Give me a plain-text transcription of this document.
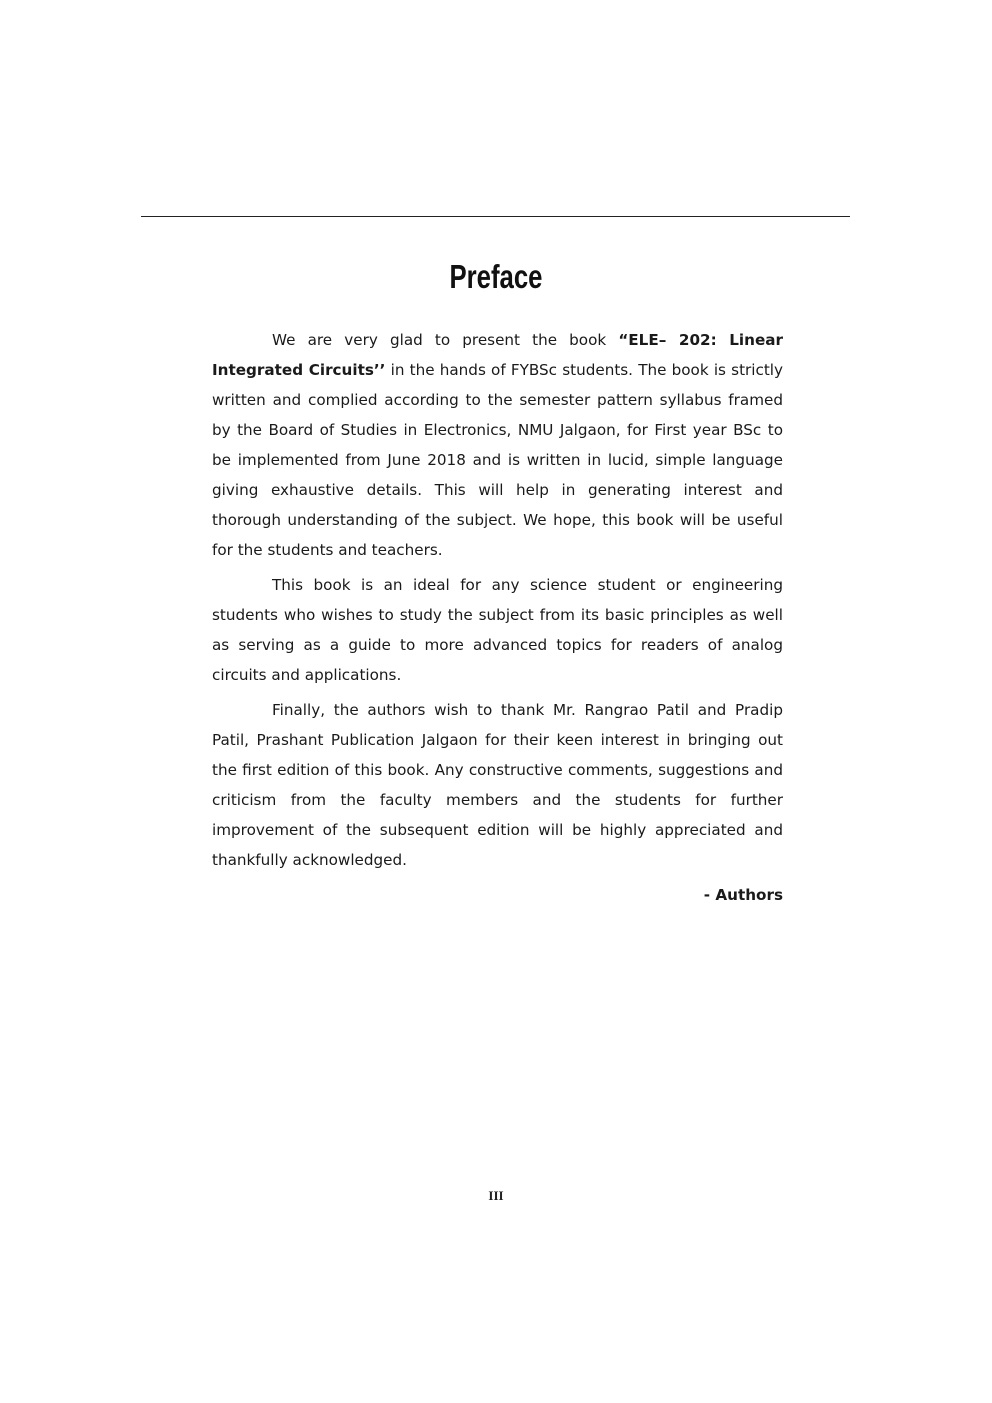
Preface

We are very glad to present the book “ELE– 202: Linear Integrated Circuits’’ in the hands of FYBSc students. The book is strictly written and complied according to the semester pattern syllabus framed by the Board of Studies in Electronics, NMU Jalgaon, for First year BSc to be implemented from June 2018 and is written in lucid, simple language giving exhaustive details. This will help in generating interest and thorough understanding of the subject. We hope, this book will be useful for the students and teachers.

This book is an ideal for any science student or engineering students who wishes to study the subject from its basic principles as well as serving as a guide to more advanced topics for readers of analog circuits and applications.

Finally, the authors wish to thank Mr. Rangrao Patil and Pradip Patil, Prashant Publication Jalgaon for their keen interest in bringing out the first edition of this book. Any constructive comments, suggestions and criticism from the faculty members and the students for further improvement of the subsequent edition will be highly appreciated and thankfully acknowledged.

- Authors
III
